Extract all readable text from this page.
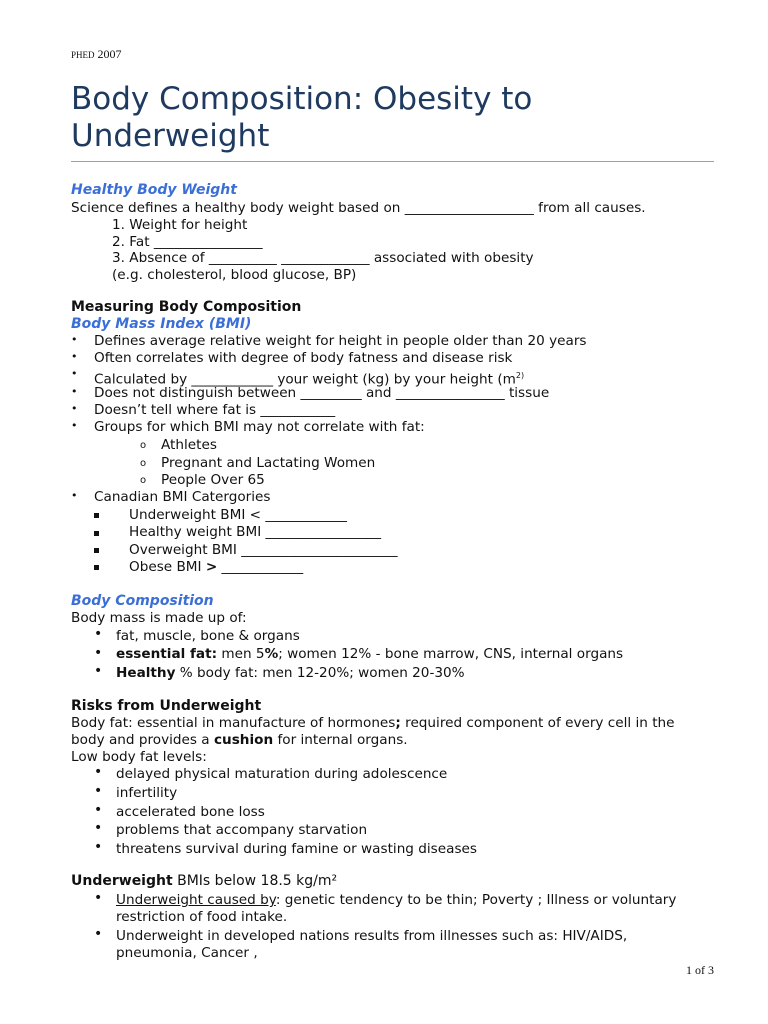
PHED 2007
Body Composition: Obesity to Underweight
Healthy Body Weight
Science defines a healthy body weight based on ___________________ from all causes.
1. Weight for height
2. Fat ________________
3. Absence of __________ _____________ associated with obesity
(e.g. cholesterol, blood glucose, BP)
Measuring Body Composition
Body Mass Index (BMI)
• Defines average relative weight for height in people older than 20 years
• Often correlates with degree of body fatness and disease risk
• Calculated by ____________ your weight (kg) by your height ($m^{2)}$
• Does not distinguish between _________ and ________________ tissue
• Doesn’t tell where fat is ___________
• Groups for which BMI may not correlate with fat:
o Athletes
o Pregnant and Lactating Women
o People Over 65
• Canadian BMI Catergories
Underweight BMI < ____________
Healthy weight BMI _________________
Overweight BMI _______________________
Obese BMI > ____________
Body Composition
Body mass is made up of:
• fat, muscle, bone & organs
• essential fat: men 5%; women 12% - bone marrow, CNS, internal organs
• Healthy % body fat: men 12-20%; women 20-30%
Risks from Underweight
Body fat: essential in manufacture of hormones; required component of every cell in the
body and provides a cushion for internal organs.
Low body fat levels:
• delayed physical maturation during adolescence
• infertility
• accelerated bone loss
• problems that accompany starvation
• threatens survival during famine or wasting diseases
Underweight BMIs below 18.5 kg/m²
• Underweight caused by: genetic tendency to be thin; Poverty ; Illness or voluntary
restriction of food intake.
• Underweight in developed nations results from illnesses such as: HIV/AIDS,
pneumonia, Cancer ,
1 of 3
